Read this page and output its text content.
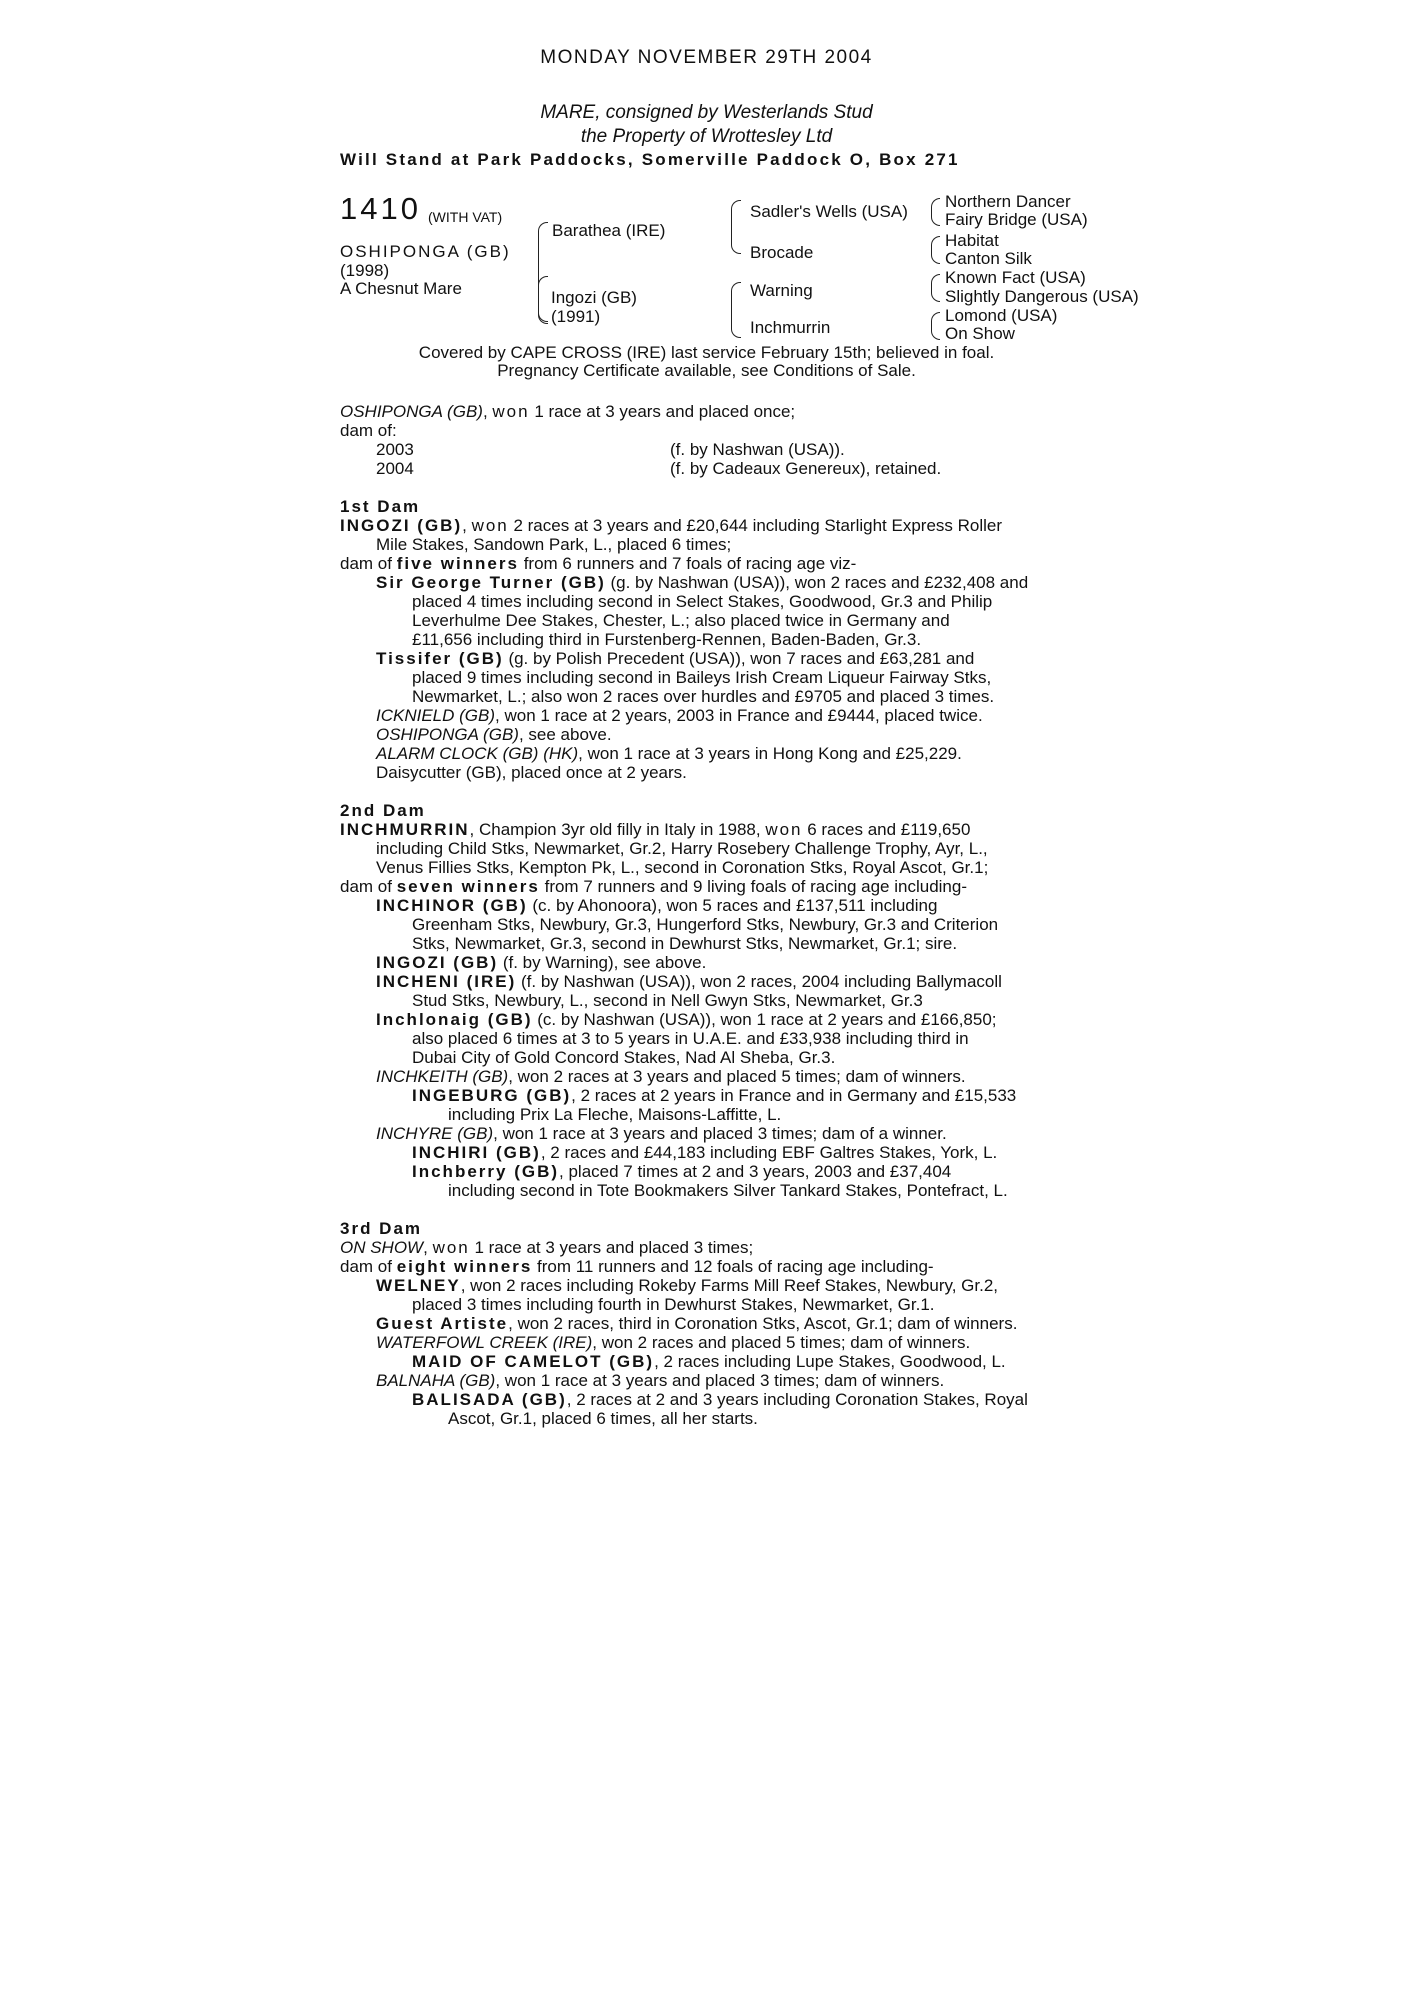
MONDAY NOVEMBER 29TH 2004
MARE, consigned by Westerlands Stud
the Property of Wrottesley Ltd
Will Stand at Park Paddocks, Somerville Paddock O, Box 271
1410 (WITH VAT)
OSHIPONGA (GB)
(1998)
A Chesnut Mare
Barathea (IRE)
Ingozi (GB)
(1991)
Sadler's Wells (USA)
Brocade
Warning
Inchmurrin
Northern Dancer
Fairy Bridge (USA)
Habitat
Canton Silk
Known Fact (USA)
Slightly Dangerous (USA)
Lomond (USA)
On Show
Covered by CAPE CROSS (IRE) last service February 15th; believed in foal.
Pregnancy Certificate available, see Conditions of Sale.
OSHIPONGA (GB), won 1 race at 3 years and placed once;
dam of:
2003	(f. by Nashwan (USA)).
2004	(f. by Cadeaux Genereux), retained.
1st Dam
INGOZI (GB), won 2 races at 3 years and £20,644 including Starlight Express Roller
Mile Stakes, Sandown Park, L., placed 6 times;
dam of five winners from 6 runners and 7 foals of racing age viz-
Sir George Turner (GB) (g. by Nashwan (USA)), won 2 races and £232,408 and
placed 4 times including second in Select Stakes, Goodwood, Gr.3 and Philip
Leverhulme Dee Stakes, Chester, L.; also placed twice in Germany and
£11,656 including third in Furstenberg-Rennen, Baden-Baden, Gr.3.
Tissifer (GB) (g. by Polish Precedent (USA)), won 7 races and £63,281 and
placed 9 times including second in Baileys Irish Cream Liqueur Fairway Stks,
Newmarket, L.; also won 2 races over hurdles and £9705 and placed 3 times.
ICKNIELD (GB), won 1 race at 2 years, 2003 in France and £9444, placed twice.
OSHIPONGA (GB), see above.
ALARM CLOCK (GB) (HK), won 1 race at 3 years in Hong Kong and £25,229.
Daisycutter (GB), placed once at 2 years.
2nd Dam
INCHMURRIN, Champion 3yr old filly in Italy in 1988, won 6 races and £119,650
including Child Stks, Newmarket, Gr.2, Harry Rosebery Challenge Trophy, Ayr, L.,
Venus Fillies Stks, Kempton Pk, L., second in Coronation Stks, Royal Ascot, Gr.1;
dam of seven winners from 7 runners and 9 living foals of racing age including-
INCHINOR (GB) (c. by Ahonoora), won 5 races and £137,511 including
Greenham Stks, Newbury, Gr.3, Hungerford Stks, Newbury, Gr.3 and Criterion
Stks, Newmarket, Gr.3, second in Dewhurst Stks, Newmarket, Gr.1; sire.
INGOZI (GB) (f. by Warning), see above.
INCHENI (IRE) (f. by Nashwan (USA)), won 2 races, 2004 including Ballymacoll
Stud Stks, Newbury, L., second in Nell Gwyn Stks, Newmarket, Gr.3
Inchlonaig (GB) (c. by Nashwan (USA)), won 1 race at 2 years and £166,850;
also placed 6 times at 3 to 5 years in U.A.E. and £33,938 including third in
Dubai City of Gold Concord Stakes, Nad Al Sheba, Gr.3.
INCHKEITH (GB), won 2 races at 3 years and placed 5 times; dam of winners.
INGEBURG (GB), 2 races at 2 years in France and in Germany and £15,533
including Prix La Fleche, Maisons-Laffitte, L.
INCHYRE (GB), won 1 race at 3 years and placed 3 times; dam of a winner.
INCHIRI (GB), 2 races and £44,183 including EBF Galtres Stakes, York, L.
Inchberry (GB), placed 7 times at 2 and 3 years, 2003 and £37,404
including second in Tote Bookmakers Silver Tankard Stakes, Pontefract, L.
3rd Dam
ON SHOW, won 1 race at 3 years and placed 3 times;
dam of eight winners from 11 runners and 12 foals of racing age including-
WELNEY, won 2 races including Rokeby Farms Mill Reef Stakes, Newbury, Gr.2,
placed 3 times including fourth in Dewhurst Stakes, Newmarket, Gr.1.
Guest Artiste, won 2 races, third in Coronation Stks, Ascot, Gr.1; dam of winners.
WATERFOWL CREEK (IRE), won 2 races and placed 5 times; dam of winners.
MAID OF CAMELOT (GB), 2 races including Lupe Stakes, Goodwood, L.
BALNAHA (GB), won 1 race at 3 years and placed 3 times; dam of winners.
BALISADA (GB), 2 races at 2 and 3 years including Coronation Stakes, Royal
Ascot, Gr.1, placed 6 times, all her starts.
